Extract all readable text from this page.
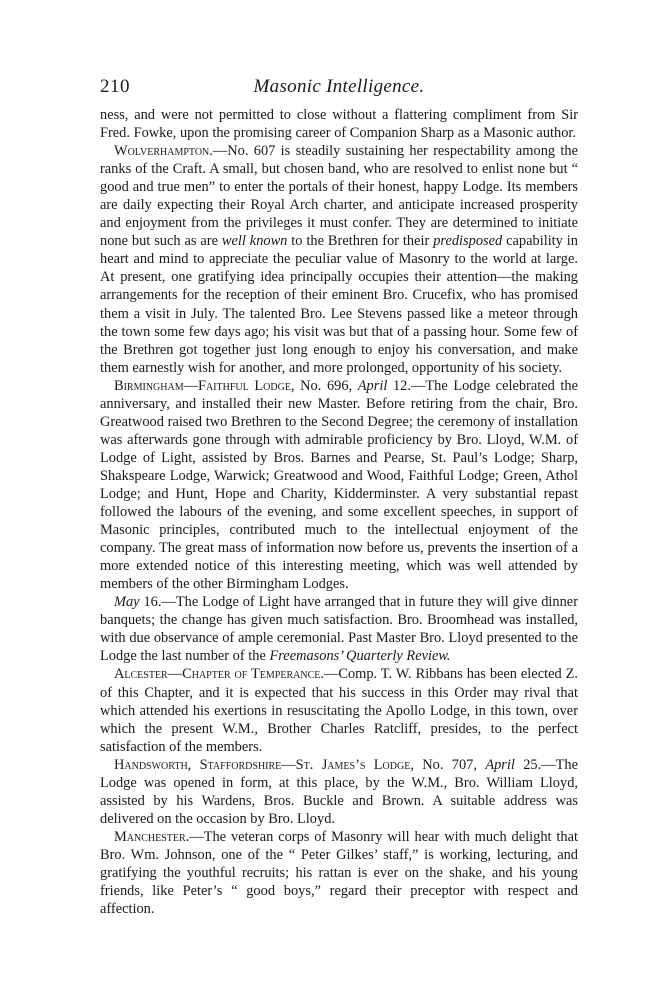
210	Masonic Intelligence.

ness, and were not permitted to close without a flattering compliment from Sir Fred. Fowke, upon the promising career of Companion Sharp as a Masonic author.

Wolverhampton.—No. 607 is steadily sustaining her respectability among the ranks of the Craft. A small, but chosen band, who are resolved to enlist none but “ good and true men” to enter the portals of their honest, happy Lodge. Its members are daily expecting their Royal Arch charter, and anticipate increased prosperity and enjoyment from the privileges it must confer. They are determined to initiate none but such as are well known to the Brethren for their predisposed capability in heart and mind to appreciate the peculiar value of Masonry to the world at large. At present, one gratifying idea principally occupies their attention—the making arrangements for the reception of their eminent Bro. Crucefix, who has promised them a visit in July. The talented Bro. Lee Stevens passed like a meteor through the town some few days ago; his visit was but that of a passing hour. Some few of the Brethren got together just long enough to enjoy his conversation, and make them earnestly wish for another, and more prolonged, opportunity of his society.

Birmingham—Faithful Lodge, No. 696, April 12.—The Lodge celebrated the anniversary, and installed their new Master. Before retiring from the chair, Bro. Greatwood raised two Brethren to the Second Degree; the ceremony of installation was afterwards gone through with admirable proficiency by Bro. Lloyd, W.M. of Lodge of Light, assisted by Bros. Barnes and Pearse, St. Paul’s Lodge; Sharp, Shakspeare Lodge, Warwick; Greatwood and Wood, Faithful Lodge; Green, Athol Lodge; and Hunt, Hope and Charity, Kidderminster. A very substantial repast followed the labours of the evening, and some excellent speeches, in support of Masonic principles, contributed much to the intellectual enjoyment of the company. The great mass of information now before us, prevents the insertion of a more extended notice of this interesting meeting, which was well attended by members of the other Birmingham Lodges.

May 16.—The Lodge of Light have arranged that in future they will give dinner banquets; the change has given much satisfaction. Bro. Broomhead was installed, with due observance of ample ceremonial. Past Master Bro. Lloyd presented to the Lodge the last number of the Freemasons’ Quarterly Review.

Alcester—Chapter of Temperance.—Comp. T. W. Ribbans has been elected Z. of this Chapter, and it is expected that his success in this Order may rival that which attended his exertions in resuscitating the Apollo Lodge, in this town, over which the present W.M., Brother Charles Ratcliff, presides, to the perfect satisfaction of the members.

Handsworth, Staffordshire—St. James’s Lodge, No. 707, April 25.—The Lodge was opened in form, at this place, by the W.M., Bro. William Lloyd, assisted by his Wardens, Bros. Buckle and Brown. A suitable address was delivered on the occasion by Bro. Lloyd.

Manchester.—The veteran corps of Masonry will hear with much delight that Bro. Wm. Johnson, one of the “ Peter Gilkes’ staff,” is working, lecturing, and gratifying the youthful recruits; his rattan is ever on the shake, and his young friends, like Peter’s “ good boys,” regard their preceptor with respect and affection.
